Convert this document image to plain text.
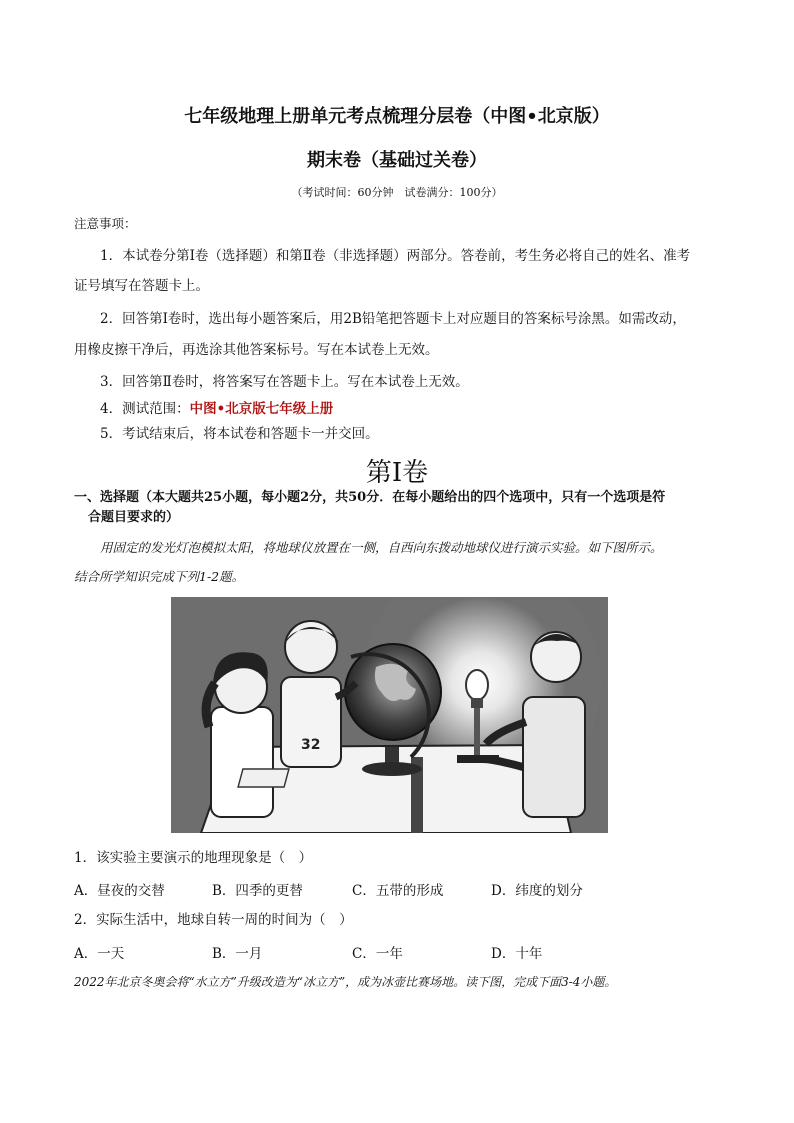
七年级地理上册单元考点梳理分层卷（中图•北京版）
期末卷（基础过关卷）
（考试时间：60分钟　试卷满分：100分）
注意事项：
1．本试卷分第Ⅰ卷（选择题）和第Ⅱ卷（非选择题）两部分。答卷前，考生务必将自己的姓名、准考
证号填写在答题卡上。
2．回答第Ⅰ卷时，选出每小题答案后，用2B铅笔把答题卡上对应题目的答案标号涂黑。如需改动，
用橡皮擦干净后，再选涂其他答案标号。写在本试卷上无效。
3．回答第Ⅱ卷时，将答案写在答题卡上。写在本试卷上无效。
4．测试范围：中图•北京版七年级上册
5．考试结束后，将本试卷和答题卡一并交回。
第Ⅰ卷
一、选择题（本大题共25小题，每小题2分，共50分．在每小题给出的四个选项中，只有一个选项是符
合题目要求的）
用固定的发光灯泡模拟太阳，将地球仪放置在一侧，自西向东拨动地球仪进行演示实验。如下图所示。
结合所学知识完成下列1-2题。
32
1．该实验主要演示的地理现象是（　）
A．昼夜的交替	B．四季的更替	C．五带的形成	D．纬度的划分
2．实际生活中，地球自转一周的时间为（　）
A．一天	B．一月	C．一年	D．十年
2022年北京冬奥会将“水立方”升级改造为“冰立方”，成为冰壶比赛场地。读下图，完成下面3-4小题。
